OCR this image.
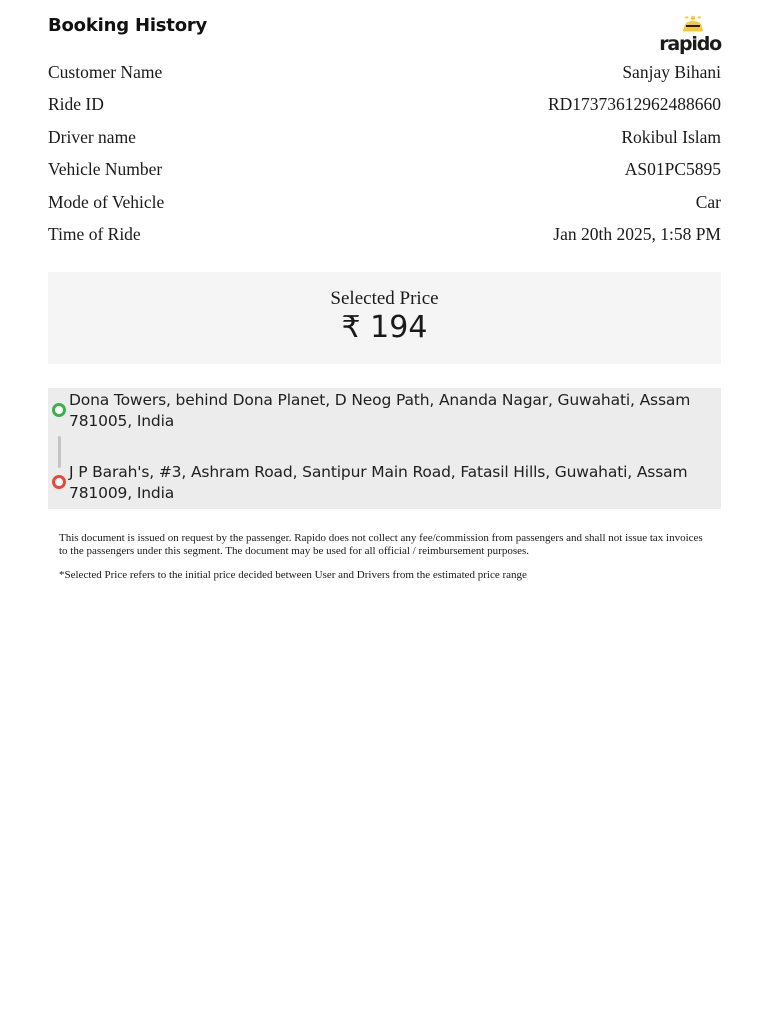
Booking History
rapido
Customer Name	Sanjay Bihani
Ride ID	RD17373612962488660
Driver name	Rokibul Islam
Vehicle Number	AS01PC5895
Mode of Vehicle	Car
Time of Ride	Jan 20th 2025, 1:58 PM
Selected Price
₹ 194
Dona Towers, behind Dona Planet, D Neog Path, Ananda Nagar, Guwahati, Assam 781005, India
J P Barah's, #3, Ashram Road, Santipur Main Road, Fatasil Hills, Guwahati, Assam 781009, India
This document is issued on request by the passenger. Rapido does not collect any fee/commission from passengers and shall not issue tax invoices to the passengers under this segment. The document may be used for all official / reimbursement purposes.
*Selected Price refers to the initial price decided between User and Drivers from the estimated price range
